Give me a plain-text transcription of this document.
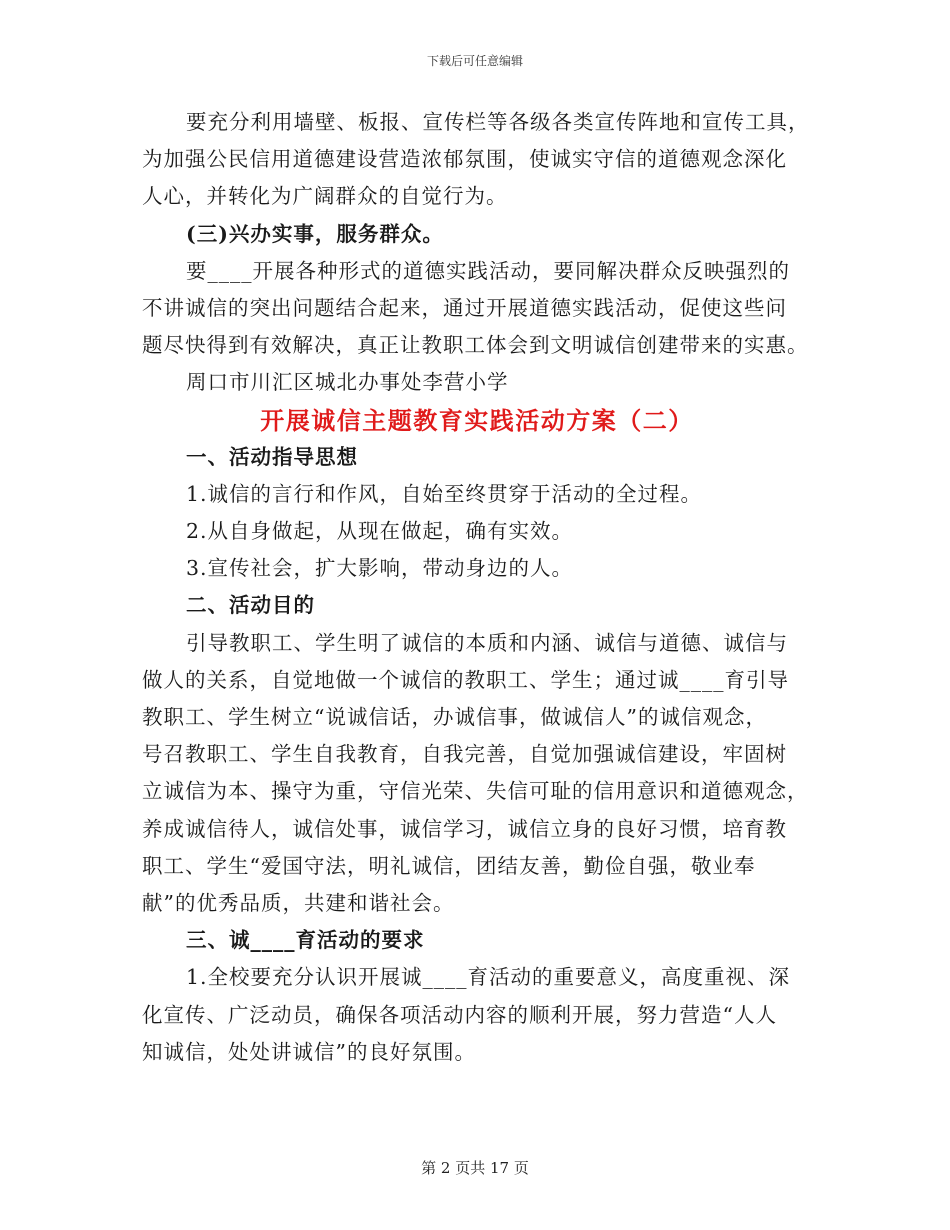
下载后可任意编辑
要充分利用墙壁、板报、宣传栏等各级各类宣传阵地和宣传工具，
为加强公民信用道德建设营造浓郁氛围，使诚实守信的道德观念深化
人心，并转化为广阔群众的自觉行为。
(三)兴办实事，服务群众。
要____开展各种形式的道德实践活动，要同解决群众反映强烈的
不讲诚信的突出问题结合起来，通过开展道德实践活动，促使这些问
题尽快得到有效解决，真正让教职工体会到文明诚信创建带来的实惠。
周口市川汇区城北办事处李营小学
开展诚信主题教育实践活动方案（二）
一、活动指导思想
1.诚信的言行和作风，自始至终贯穿于活动的全过程。
2.从自身做起，从现在做起，确有实效。
3.宣传社会，扩大影响，带动身边的人。
二、活动目的
引导教职工、学生明了诚信的本质和内涵、诚信与道德、诚信与
做人的关系，自觉地做一个诚信的教职工、学生；通过诚____育引导
教职工、学生树立“说诚信话，办诚信事，做诚信人”的诚信观念，
号召教职工、学生自我教育，自我完善，自觉加强诚信建设，牢固树
立诚信为本、操守为重，守信光荣、失信可耻的信用意识和道德观念，
养成诚信待人，诚信处事，诚信学习，诚信立身的良好习惯，培育教
职工、学生“爱国守法，明礼诚信，团结友善，勤俭自强，敬业奉
献”的优秀品质，共建和谐社会。
三、诚____育活动的要求
1.全校要充分认识开展诚____育活动的重要意义，高度重视、深
化宣传、广泛动员，确保各项活动内容的顺利开展，努力营造“人人
知诚信，处处讲诚信”的良好氛围。
第 2 页共 17 页
